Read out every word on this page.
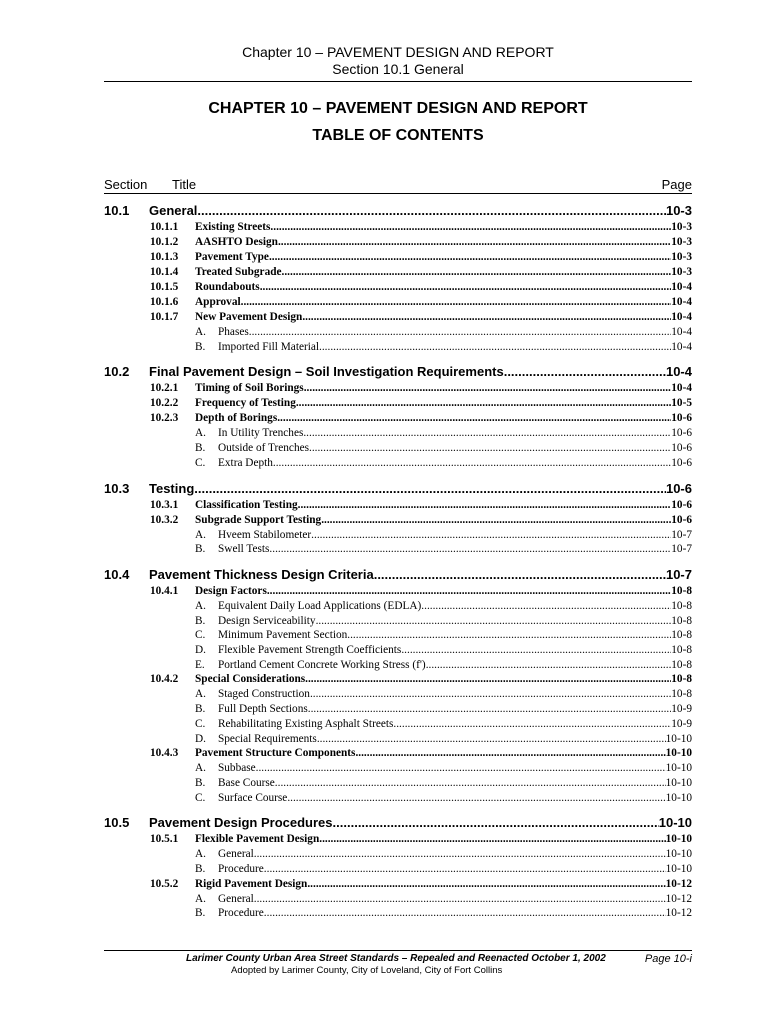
Chapter 10 – PAVEMENT DESIGN AND REPORT
Section 10.1 General
CHAPTER 10 – PAVEMENT DESIGN AND REPORT
TABLE OF CONTENTS
Section Title	Page
10.1	General .....	10-3
10.1.1	Existing Streets .....	10-3
10.1.2	AASHTO Design .....	10-3
10.1.3	Pavement Type .....	10-3
10.1.4	Treated Subgrade .....	10-3
10.1.5	Roundabouts .....	10-4
10.1.6	Approval .....	10-4
10.1.7	New Pavement Design .....	10-4
A.	Phases .....	10-4
B.	Imported Fill Material .....	10-4
10.2	Final Pavement Design – Soil Investigation Requirements .....	10-4
10.2.1	Timing of Soil Borings .....	10-4
10.2.2	Frequency of Testing .....	10-5
10.2.3	Depth of Borings .....	10-6
A.	In Utility Trenches .....	10-6
B.	Outside of Trenches .....	10-6
C.	Extra Depth .....	10-6
10.3	Testing .....	10-6
10.3.1	Classification Testing .....	10-6
10.3.2	Subgrade Support Testing .....	10-6
A.	Hveem Stabilometer .....	10-7
B.	Swell Tests .....	10-7
10.4	Pavement Thickness Design Criteria .....	10-7
10.4.1	Design Factors .....	10-8
A.	Equivalent Daily Load Applications (EDLA) .....	10-8
B.	Design Serviceability .....	10-8
C.	Minimum Pavement Section .....	10-8
D.	Flexible Pavement Strength Coefficients .....	10-8
E.	Portland Cement Concrete Working Stress (f') .....	10-8
10.4.2	Special Considerations .....	10-8
A.	Staged Construction .....	10-8
B.	Full Depth Sections .....	10-9
C.	Rehabilitating Existing Asphalt Streets .....	10-9
D.	Special Requirements .....	10-10
10.4.3	Pavement Structure Components .....	10-10
A.	Subbase .....	10-10
B.	Base Course .....	10-10
C.	Surface Course .....	10-10
10.5	Pavement Design Procedures .....	10-10
10.5.1	Flexible Pavement Design .....	10-10
A.	General .....	10-10
B.	Procedure .....	10-10
10.5.2	Rigid Pavement Design .....	10-12
A.	General .....	10-12
B.	Procedure .....	10-12
Larimer County Urban Area Street Standards – Repealed and Reenacted October 1, 2002	Page 10-i
Adopted by Larimer County, City of Loveland, City of Fort Collins
